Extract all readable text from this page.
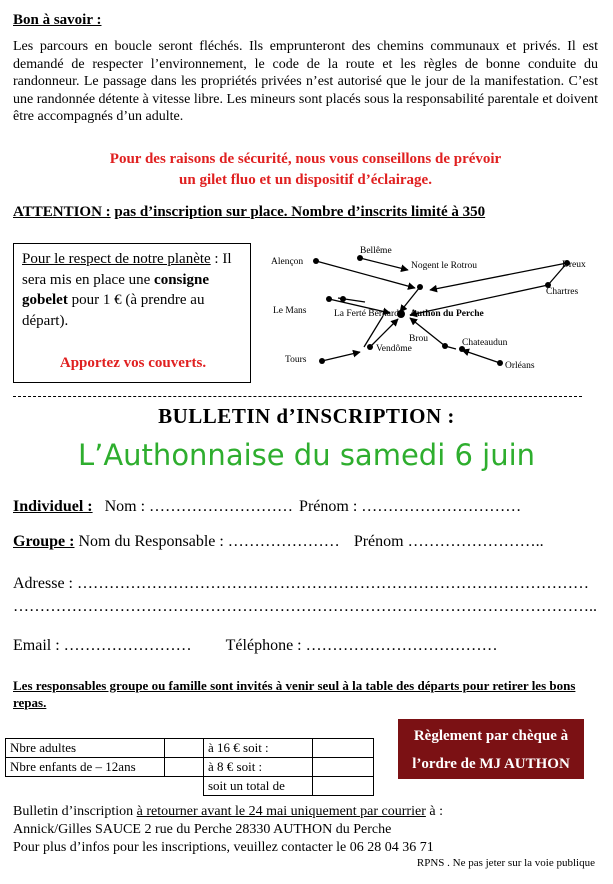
Bon à savoir :

Les parcours en boucle seront fléchés. Ils emprunteront des chemins communaux et privés. Il est demandé de respecter l’environnement, le code de la route et les règles de bonne conduite du randonneur. Le passage dans les propriétés privées n’est autorisé que le jour de la manifestation. C’est une randonnée détente à vitesse libre. Les mineurs sont placés sous la responsabilité parentale et doivent être accompagnés d’un adulte.

Pour des raisons de sécurité, nous vous conseillons de prévoir
un gilet fluo et un dispositif d’éclairage.
ATTENTION : pas d’inscription sur place. Nombre d’inscrits limité à 350

Pour le respect de notre planète : Il sera mis en place une consigne gobelet pour 1 € (à prendre au départ).

Apportez vos couverts.
Alençon
Bellême
Nogent le Rotrou	Dreux
Chartres
Le Mans	La Ferté Bernard Authon du Perche
Brou	Chateaudun
Tours
Vendôme
Orléans
BULLETIN d’INSCRIPTION :
L’Authonnaise du samedi 6 juin
Individuel : Nom : ……………………… Prénom : …………………………
Groupe : Nom du Responsable : ………………… Prénom ……………………..
Adresse : ……………………………………………………………………………………
………………………………………………………………………………………………..
Email : …………………… Téléphone : ………………………………

Les responsables groupe ou famille sont invités à venir seul à la table des départs pour retirer les bons repas.

Règlement par chèque à
l’ordre de MJ AUTHON
Nbre adultes		à 16 € soit :	
Nbre enfants de – 12ans		à 8 € soit :	
		soit un total de	
Bulletin d’inscription à retourner avant le 24 mai uniquement par courrier à :
Annick/Gilles SAUCE 2 rue du Perche 28330 AUTHON du Perche
Pour plus d’infos pour les inscriptions, veuillez contacter le 06 28 04 36 71
RPNS . Ne pas jeter sur la voie publique
